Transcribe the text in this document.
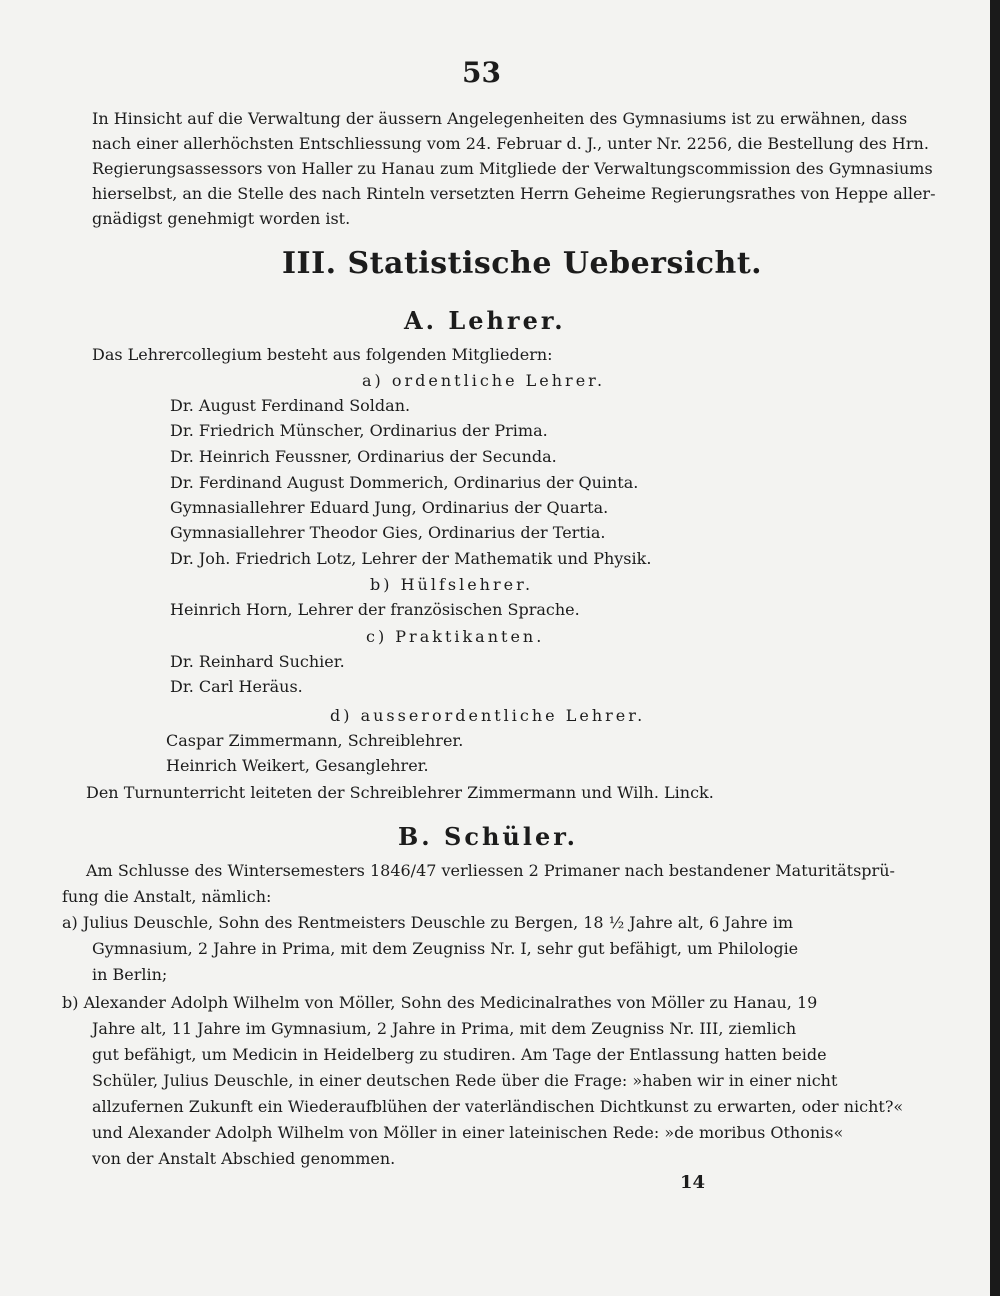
53
In Hinsicht auf die Verwaltung der äussern Angelegenheiten des Gymnasiums ist zu erwähnen, dass
nach einer allerhöchsten Entschliessung vom 24. Februar d. J., unter Nr. 2256, die Bestellung des Hrn.
Regierungsassessors von Haller zu Hanau zum Mitgliede der Verwaltungscommission des Gymnasiums
hierselbst, an die Stelle des nach Rinteln versetzten Herrn Geheime Regierungsrathes von Heppe aller-
gnädigst genehmigt worden ist.
III. Statistische Uebersicht.
A. Lehrer.
Das Lehrercollegium besteht aus folgenden Mitgliedern:
a) ordentliche Lehrer.
Dr. August Ferdinand Soldan.
Dr. Friedrich Münscher, Ordinarius der Prima.
Dr. Heinrich Feussner, Ordinarius der Secunda.
Dr. Ferdinand August Dommerich, Ordinarius der Quinta.
Gymnasiallehrer Eduard Jung, Ordinarius der Quarta.
Gymnasiallehrer Theodor Gies, Ordinarius der Tertia.
Dr. Joh. Friedrich Lotz, Lehrer der Mathematik und Physik.
b) Hülfslehrer.
Heinrich Horn, Lehrer der französischen Sprache.
c) Praktikanten.
Dr. Reinhard Suchier.
Dr. Carl Heräus.
d) ausserordentliche Lehrer.
Caspar Zimmermann, Schreiblehrer.
Heinrich Weikert, Gesanglehrer.
Den Turnunterricht leiteten der Schreiblehrer Zimmermann und Wilh. Linck.
B. Schüler.
Am Schlusse des Wintersemesters 1846/47 verliessen 2 Primaner nach bestandener Maturitätsprü-
fung die Anstalt, nämlich:
a) Julius Deuschle, Sohn des Rentmeisters Deuschle zu Bergen, 18 ½ Jahre alt, 6 Jahre im
Gymnasium, 2 Jahre in Prima, mit dem Zeugniss Nr. I, sehr gut befähigt, um Philologie
in Berlin;
b) Alexander Adolph Wilhelm von Möller, Sohn des Medicinalrathes von Möller zu Hanau, 19
Jahre alt, 11 Jahre im Gymnasium, 2 Jahre in Prima, mit dem Zeugniss Nr. III, ziemlich
gut befähigt, um Medicin in Heidelberg zu studiren. Am Tage der Entlassung hatten beide
Schüler, Julius Deuschle, in einer deutschen Rede über die Frage: »haben wir in einer nicht
allzufernen Zukunft ein Wiederaufblühen der vaterländischen Dichtkunst zu erwarten, oder nicht?«
und Alexander Adolph Wilhelm von Möller in einer lateinischen Rede: »de moribus Othonis«
von der Anstalt Abschied genommen.
14
